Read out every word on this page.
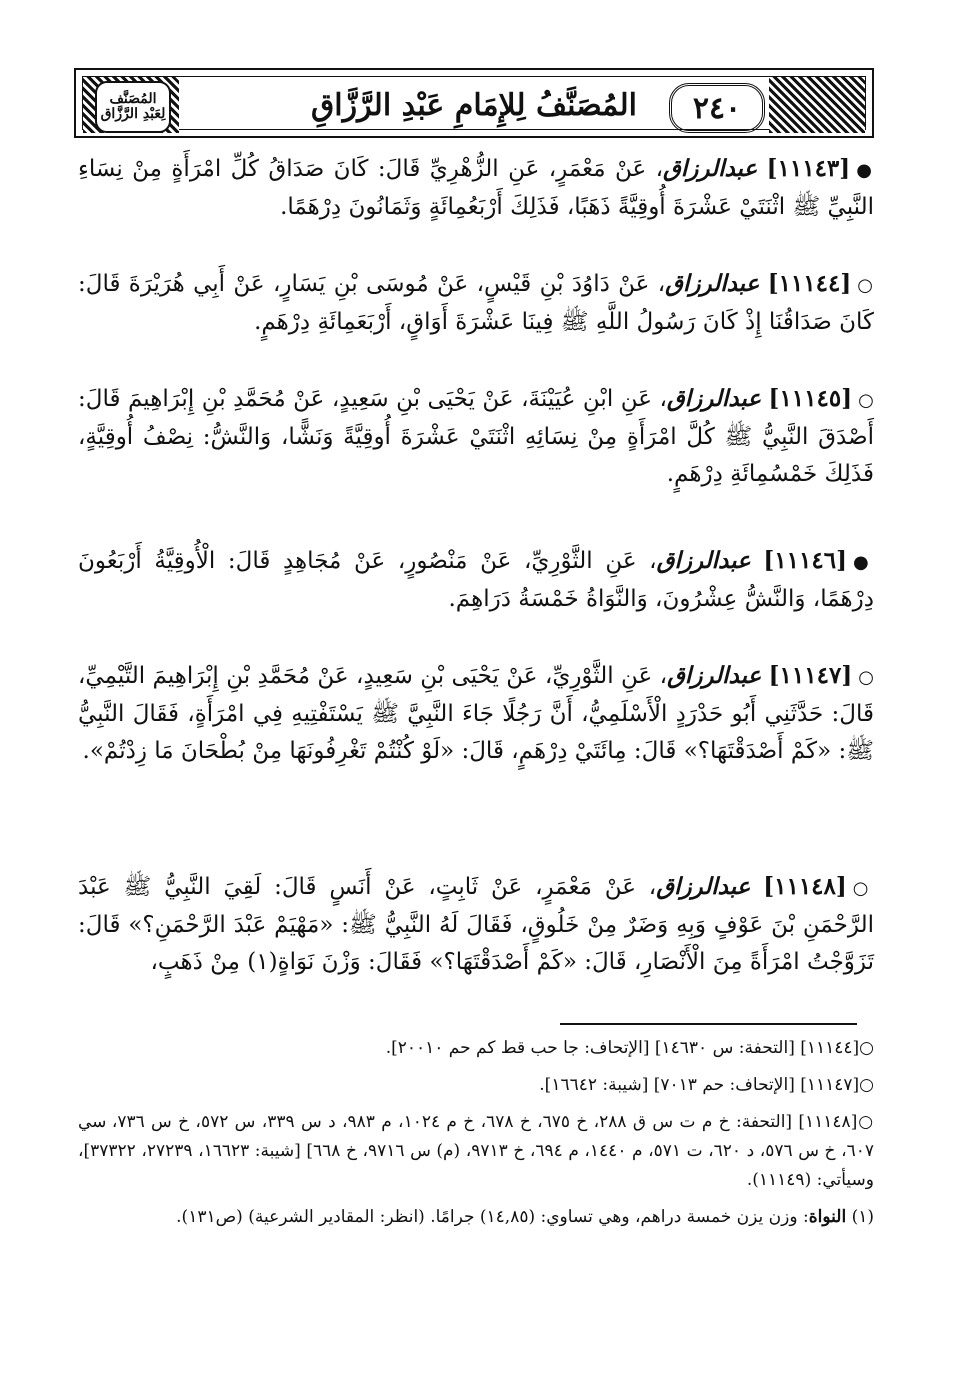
٢٤٠
المُصَنَّفُ لِلإِمَامِ عَبْدِ الرَّزَّاقِ
المُصَنَّف لِعَبْدِ الرَّزَّاق
●[١١١٤٣] عبدالرزاق، عَنْ مَعْمَرٍ، عَنِ الزُّهْرِيِّ قَالَ: كَانَ صَدَاقُ كُلِّ امْرَأَةٍ مِنْ نِسَاءِ النَّبِيِّ ﷺ اثْنَتَيْ عَشْرَةَ أُوقِيَّةً ذَهَبًا، فَذَلِكَ أَرْبَعُمِائَةٍ وَثَمَانُونَ دِرْهَمًا.
○[١١١٤٤] عبدالرزاق، عَنْ دَاوُدَ بْنِ قَيْسٍ، عَنْ مُوسَى بْنِ يَسَارٍ، عَنْ أَبِي هُرَيْرَةَ قَالَ: كَانَ صَدَاقُنَا إِذْ كَانَ رَسُولُ اللَّهِ ﷺ فِينَا عَشْرَةَ أَوَاقٍ، أَرْبَعَمِائَةِ دِرْهَمٍ.
○[١١١٤٥] عبدالرزاق، عَنِ ابْنِ عُيَيْنَةَ، عَنْ يَحْيَى بْنِ سَعِيدٍ، عَنْ مُحَمَّدِ بْنِ إِبْرَاهِيمَ قَالَ: أَصْدَقَ النَّبِيُّ ﷺ كُلَّ امْرَأَةٍ مِنْ نِسَائِهِ اثْنَتَيْ عَشْرَةَ أُوقِيَّةً وَنَشًّا، وَالنَّشُّ: نِصْفُ أُوقِيَّةٍ، فَذَلِكَ خَمْسُمِائَةِ دِرْهَمٍ.
●[١١١٤٦] عبدالرزاق، عَنِ الثَّوْرِيِّ، عَنْ مَنْصُورٍ، عَنْ مُجَاهِدٍ قَالَ: الْأُوقِيَّةُ أَرْبَعُونَ دِرْهَمًا، وَالنَّشُّ عِشْرُونَ، وَالنَّوَاةُ خَمْسَةُ دَرَاهِمَ.
○[١١١٤٧] عبدالرزاق، عَنِ الثَّوْرِيِّ، عَنْ يَحْيَى بْنِ سَعِيدٍ، عَنْ مُحَمَّدِ بْنِ إِبْرَاهِيمَ التَّيْمِيِّ، قَالَ: حَدَّثَنِي أَبُو حَدْرَدٍ الْأَسْلَمِيُّ، أَنَّ رَجُلًا جَاءَ النَّبِيَّ ﷺ يَسْتَفْتِيهِ فِي امْرَأَةٍ، فَقَالَ النَّبِيُّ ﷺ: «كَمْ أَصْدَقْتَهَا؟» قَالَ: مِائَتَيْ دِرْهَمٍ، قَالَ: «لَوْ كُنْتُمْ تَغْرِفُونَهَا مِنْ بُطْحَانَ مَا زِدْتُمْ».
○[١١١٤٨] عبدالرزاق، عَنْ مَعْمَرٍ، عَنْ ثَابِتٍ، عَنْ أَنَسٍ قَالَ: لَقِيَ النَّبِيُّ ﷺ عَبْدَ الرَّحْمَنِ بْنَ عَوْفٍ وَبِهِ وَضَرٌ مِنْ خَلُوقٍ، فَقَالَ لَهُ النَّبِيُّ ﷺ: «مَهْيَمْ عَبْدَ الرَّحْمَنِ؟» قَالَ: تَزَوَّجْتُ امْرَأَةً مِنَ الْأَنْصَارِ، قَالَ: «كَمْ أَصْدَقْتَهَا؟» فَقَالَ: وَزْنَ نَوَاةٍ(١) مِنْ ذَهَبٍ،

○[١١١٤٤] [التحفة: س ١٤٦٣٠] [الإتحاف: جا حب قط كم حم ٢٠٠١٠].

○[١١١٤٧] [الإتحاف: حم ٧٠١٣] [شيبة: ١٦٦٤٢].

○[١١١٤٨] [التحفة: خ م ت س ق ٢٨٨، خ ٦٧٥، خ ٦٧٨، خ م ١٠٢٤، م ٩٨٣، د س ٣٣٩، س ٥٧٢، خ س ٧٣٦، سي ٦٠٧، خ س ٥٧٦، د ٦٢٠، ت ٥٧١، م ١٤٤٠، م ٦٩٤، خ ٩٧١٣، (م) س ٩٧١٦، خ ٦٦٨] [شيبة: ١٦٦٢٣، ٢٧٢٣٩، ٣٧٣٢٢]، وسيأتي: (١١١٤٩).

(١) النواة: وزن يزن خمسة دراهم، وهي تساوي: (١٤,٨٥) جرامًا. (انظر: المقادير الشرعية) (ص١٣١).
